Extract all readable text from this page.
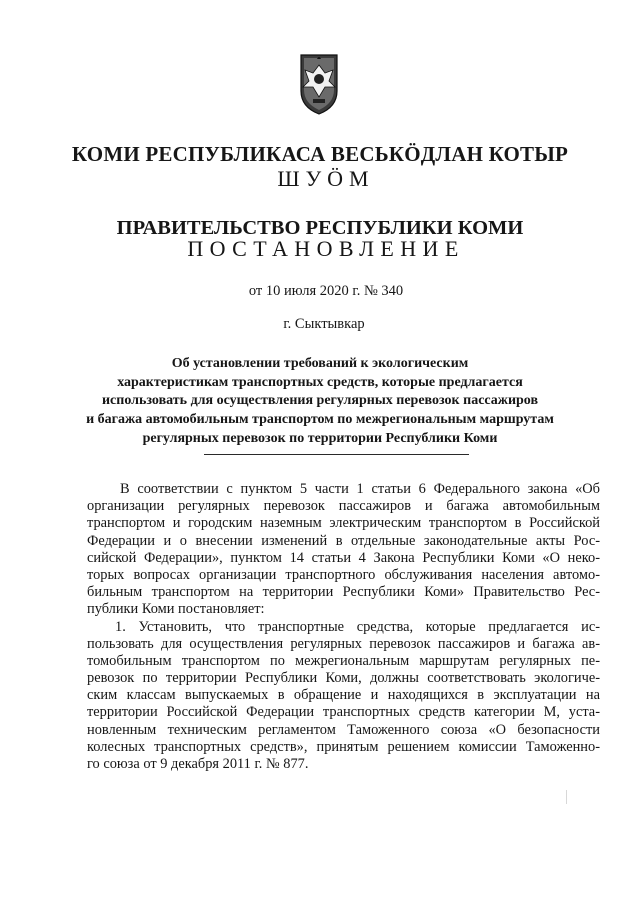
КОМИ РЕСПУБЛИКАСА ВЕСЬКӦДЛАН КОТЫР
ШУӦМ
ПРАВИТЕЛЬСТВО РЕСПУБЛИКИ КОМИ
ПОСТАНОВЛЕНИЕ
от 10 июля 2020 г. № 340
г. Сыктывкар
Об установлении требований к экологическим
характеристикам транспортных средств, которые предлагается
использовать для осуществления регулярных перевозок пассажиров
и багажа автомобильным транспортом по межрегиональным маршрутам
регулярных перевозок по территории Республики Коми
В соответствии с пунктом 5 части 1 статьи 6 Федерального закона «Об
организации регулярных перевозок пассажиров и багажа автомобильным
транспортом и городским наземным электрическим транспортом в Российской
Федерации и о внесении изменений в отдельные законодательные акты Рос-
сийской Федерации», пунктом 14 статьи 4 Закона Республики Коми «О неко-
торых вопросах организации транспортного обслуживания населения автомо-
бильным транспортом на территории Республики Коми» Правительство Рес-
публики Коми постановляет:
1. Установить, что транспортные средства, которые предлагается ис-
пользовать для осуществления регулярных перевозок пассажиров и багажа ав-
томобильным транспортом по межрегиональным маршрутам регулярных пе-
ревозок по территории Республики Коми, должны соответствовать экологиче-
ским классам выпускаемых в обращение и находящихся в эксплуатации на
территории Российской Федерации транспортных средств категории М, уста-
новленным техническим регламентом Таможенного союза «О безопасности
колесных транспортных средств», принятым решением комиссии Таможенно-
го союза от 9 декабря 2011 г. № 877.
